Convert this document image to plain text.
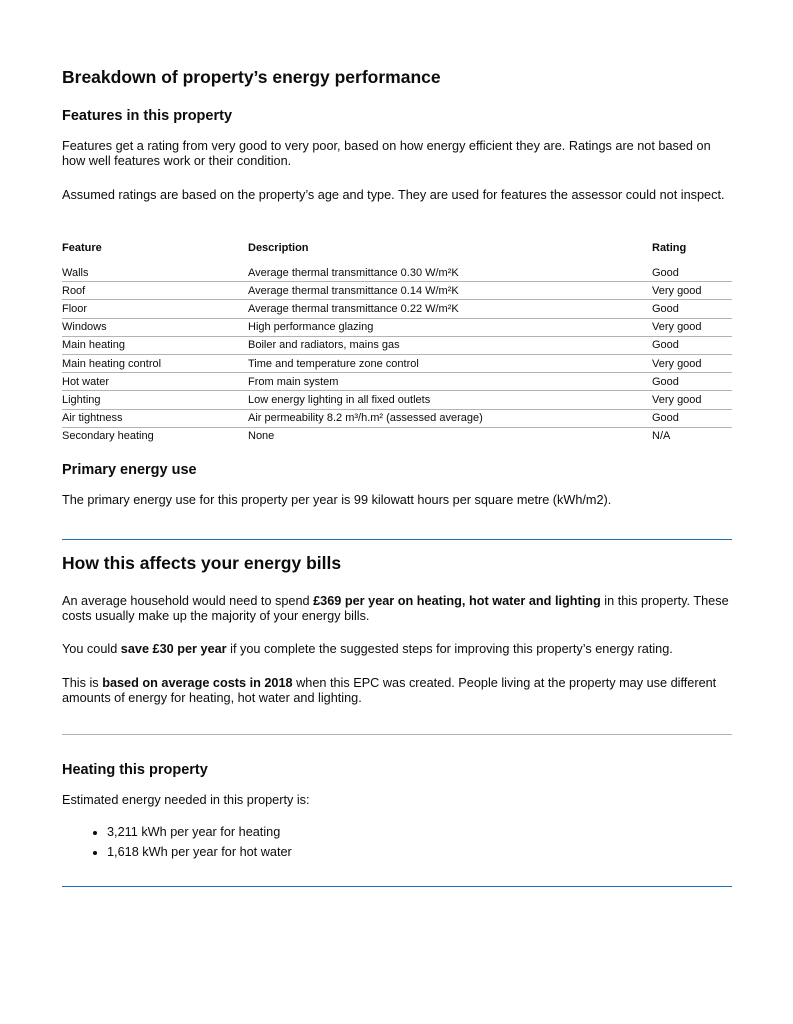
Breakdown of property’s energy performance
Features in this property

Features get a rating from very good to very poor, based on how energy efficient they are. Ratings are not based on how well features work or their condition.

Assumed ratings are based on the property’s age and type. They are used for features the assessor could not inspect.

Feature	Description	Rating
Walls	Average thermal transmittance 0.30 W/m²K	Good
Roof	Average thermal transmittance 0.14 W/m²K	Very good
Floor	Average thermal transmittance 0.22 W/m²K	Good
Windows	High performance glazing	Very good
Main heating	Boiler and radiators, mains gas	Good
Main heating control	Time and temperature zone control	Very good
Hot water	From main system	Good
Lighting	Low energy lighting in all fixed outlets	Very good
Air tightness	Air permeability 8.2 m³/h.m² (assessed average)	Good
Secondary heating	None	N/A
Primary energy use

The primary energy use for this property per year is 99 kilowatt hours per square metre (kWh/m2).

How this affects your energy bills

An average household would need to spend £369 per year on heating, hot water and lighting in this property. These costs usually make up the majority of your energy bills.

You could save £30 per year if you complete the suggested steps for improving this property’s energy rating.

This is based on average costs in 2018 when this EPC was created. People living at the property may use different amounts of energy for heating, hot water and lighting.

Heating this property

Estimated energy needed in this property is:

• 3,211 kWh per year for heating
• 1,618 kWh per year for hot water
